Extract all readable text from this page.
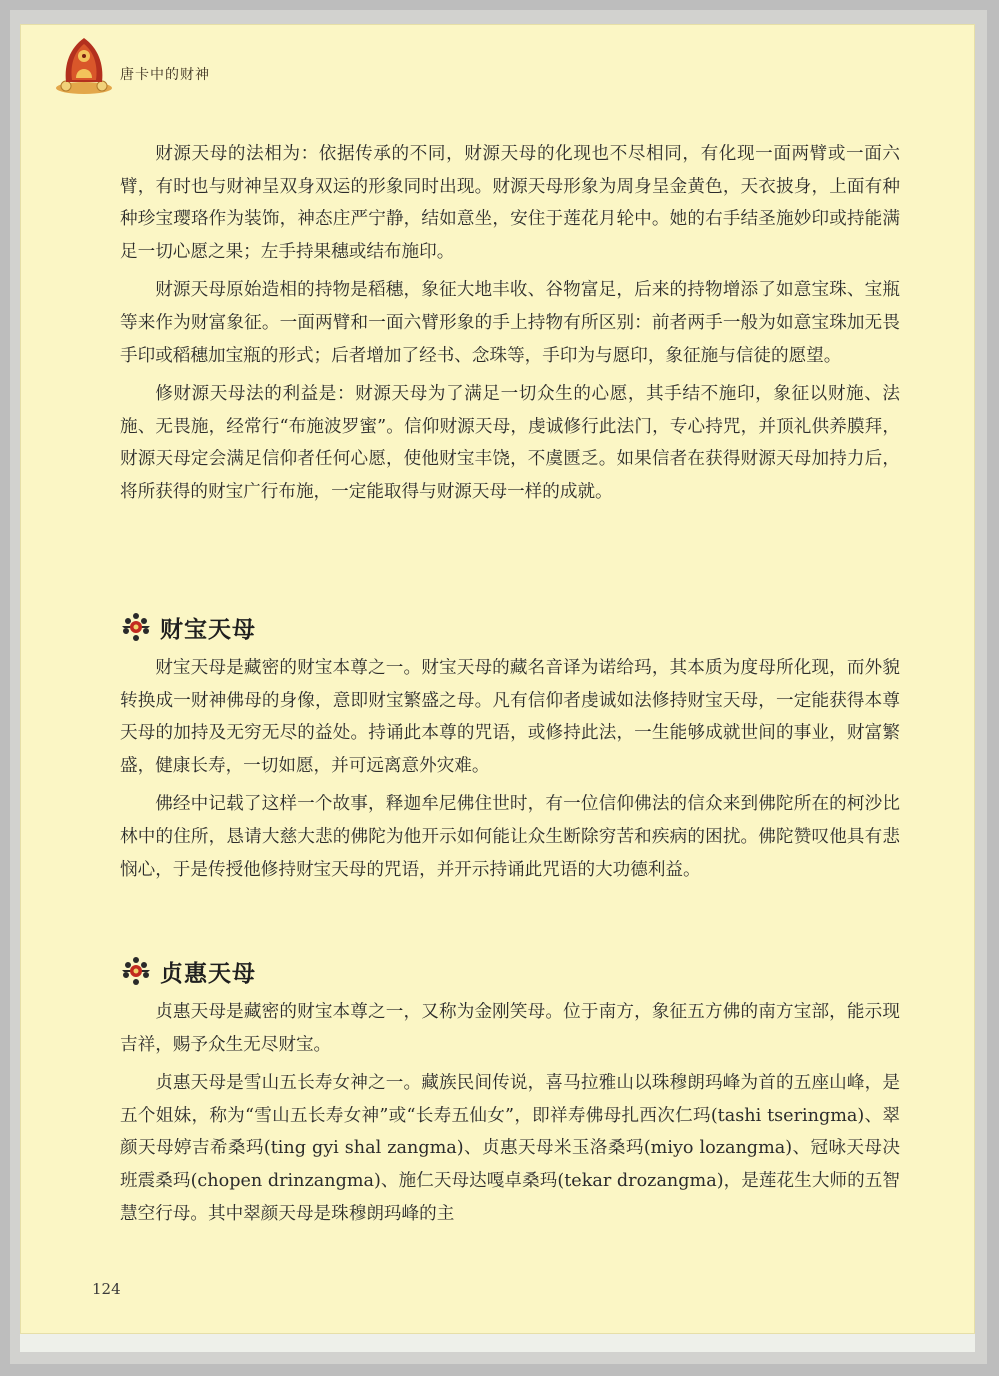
唐卡中的财神

财源天母的法相为：依据传承的不同，财源天母的化现也不尽相同，有化现一面两臂或一面六臂，有时也与财神呈双身双运的形象同时出现。财源天母形象为周身呈金黄色，天衣披身，上面有种种珍宝璎珞作为装饰，神态庄严宁静，结如意坐，安住于莲花月轮中。她的右手结圣施妙印或持能满足一切心愿之果；左手持果穗或结布施印。

财源天母原始造相的持物是稻穗，象征大地丰收、谷物富足，后来的持物增添了如意宝珠、宝瓶等来作为财富象征。一面两臂和一面六臂形象的手上持物有所区别：前者两手一般为如意宝珠加无畏手印或稻穗加宝瓶的形式；后者增加了经书、念珠等，手印为与愿印，象征施与信徒的愿望。

修财源天母法的利益是：财源天母为了满足一切众生的心愿，其手结不施印，象征以财施、法施、无畏施，经常行“布施波罗蜜”。信仰财源天母，虔诚修行此法门，专心持咒，并顶礼供养膜拜，财源天母定会满足信仰者任何心愿，使他财宝丰饶，不虞匮乏。如果信者在获得财源天母加持力后，将所获得的财宝广行布施，一定能取得与财源天母一样的成就。

财宝天母

财宝天母是藏密的财宝本尊之一。财宝天母的藏名音译为诺给玛，其本质为度母所化现，而外貌转换成一财神佛母的身像，意即财宝繁盛之母。凡有信仰者虔诚如法修持财宝天母，一定能获得本尊天母的加持及无穷无尽的益处。持诵此本尊的咒语，或修持此法，一生能够成就世间的事业，财富繁盛，健康长寿，一切如愿，并可远离意外灾难。

佛经中记载了这样一个故事，释迦牟尼佛住世时，有一位信仰佛法的信众来到佛陀所在的柯沙比林中的住所，恳请大慈大悲的佛陀为他开示如何能让众生断除穷苦和疾病的困扰。佛陀赞叹他具有悲悯心，于是传授他修持财宝天母的咒语，并开示持诵此咒语的大功德利益。

贞惠天母

贞惠天母是藏密的财宝本尊之一，又称为金刚笑母。位于南方，象征五方佛的南方宝部，能示现吉祥，赐予众生无尽财宝。

贞惠天母是雪山五长寿女神之一。藏族民间传说，喜马拉雅山以珠穆朗玛峰为首的五座山峰，是五个姐妹，称为“雪山五长寿女神”或“长寿五仙女”，即祥寿佛母扎西次仁玛(tashi tseringma)、翠颜天母婷吉希桑玛(ting gyi shal zangma)、贞惠天母米玉洛桑玛(miyo lozangma)、冠咏天母决班震桑玛(chopen drinzangma)、施仁天母达嘎卓桑玛(tekar drozangma)，是莲花生大师的五智慧空行母。其中翠颜天母是珠穆朗玛峰的主

124
